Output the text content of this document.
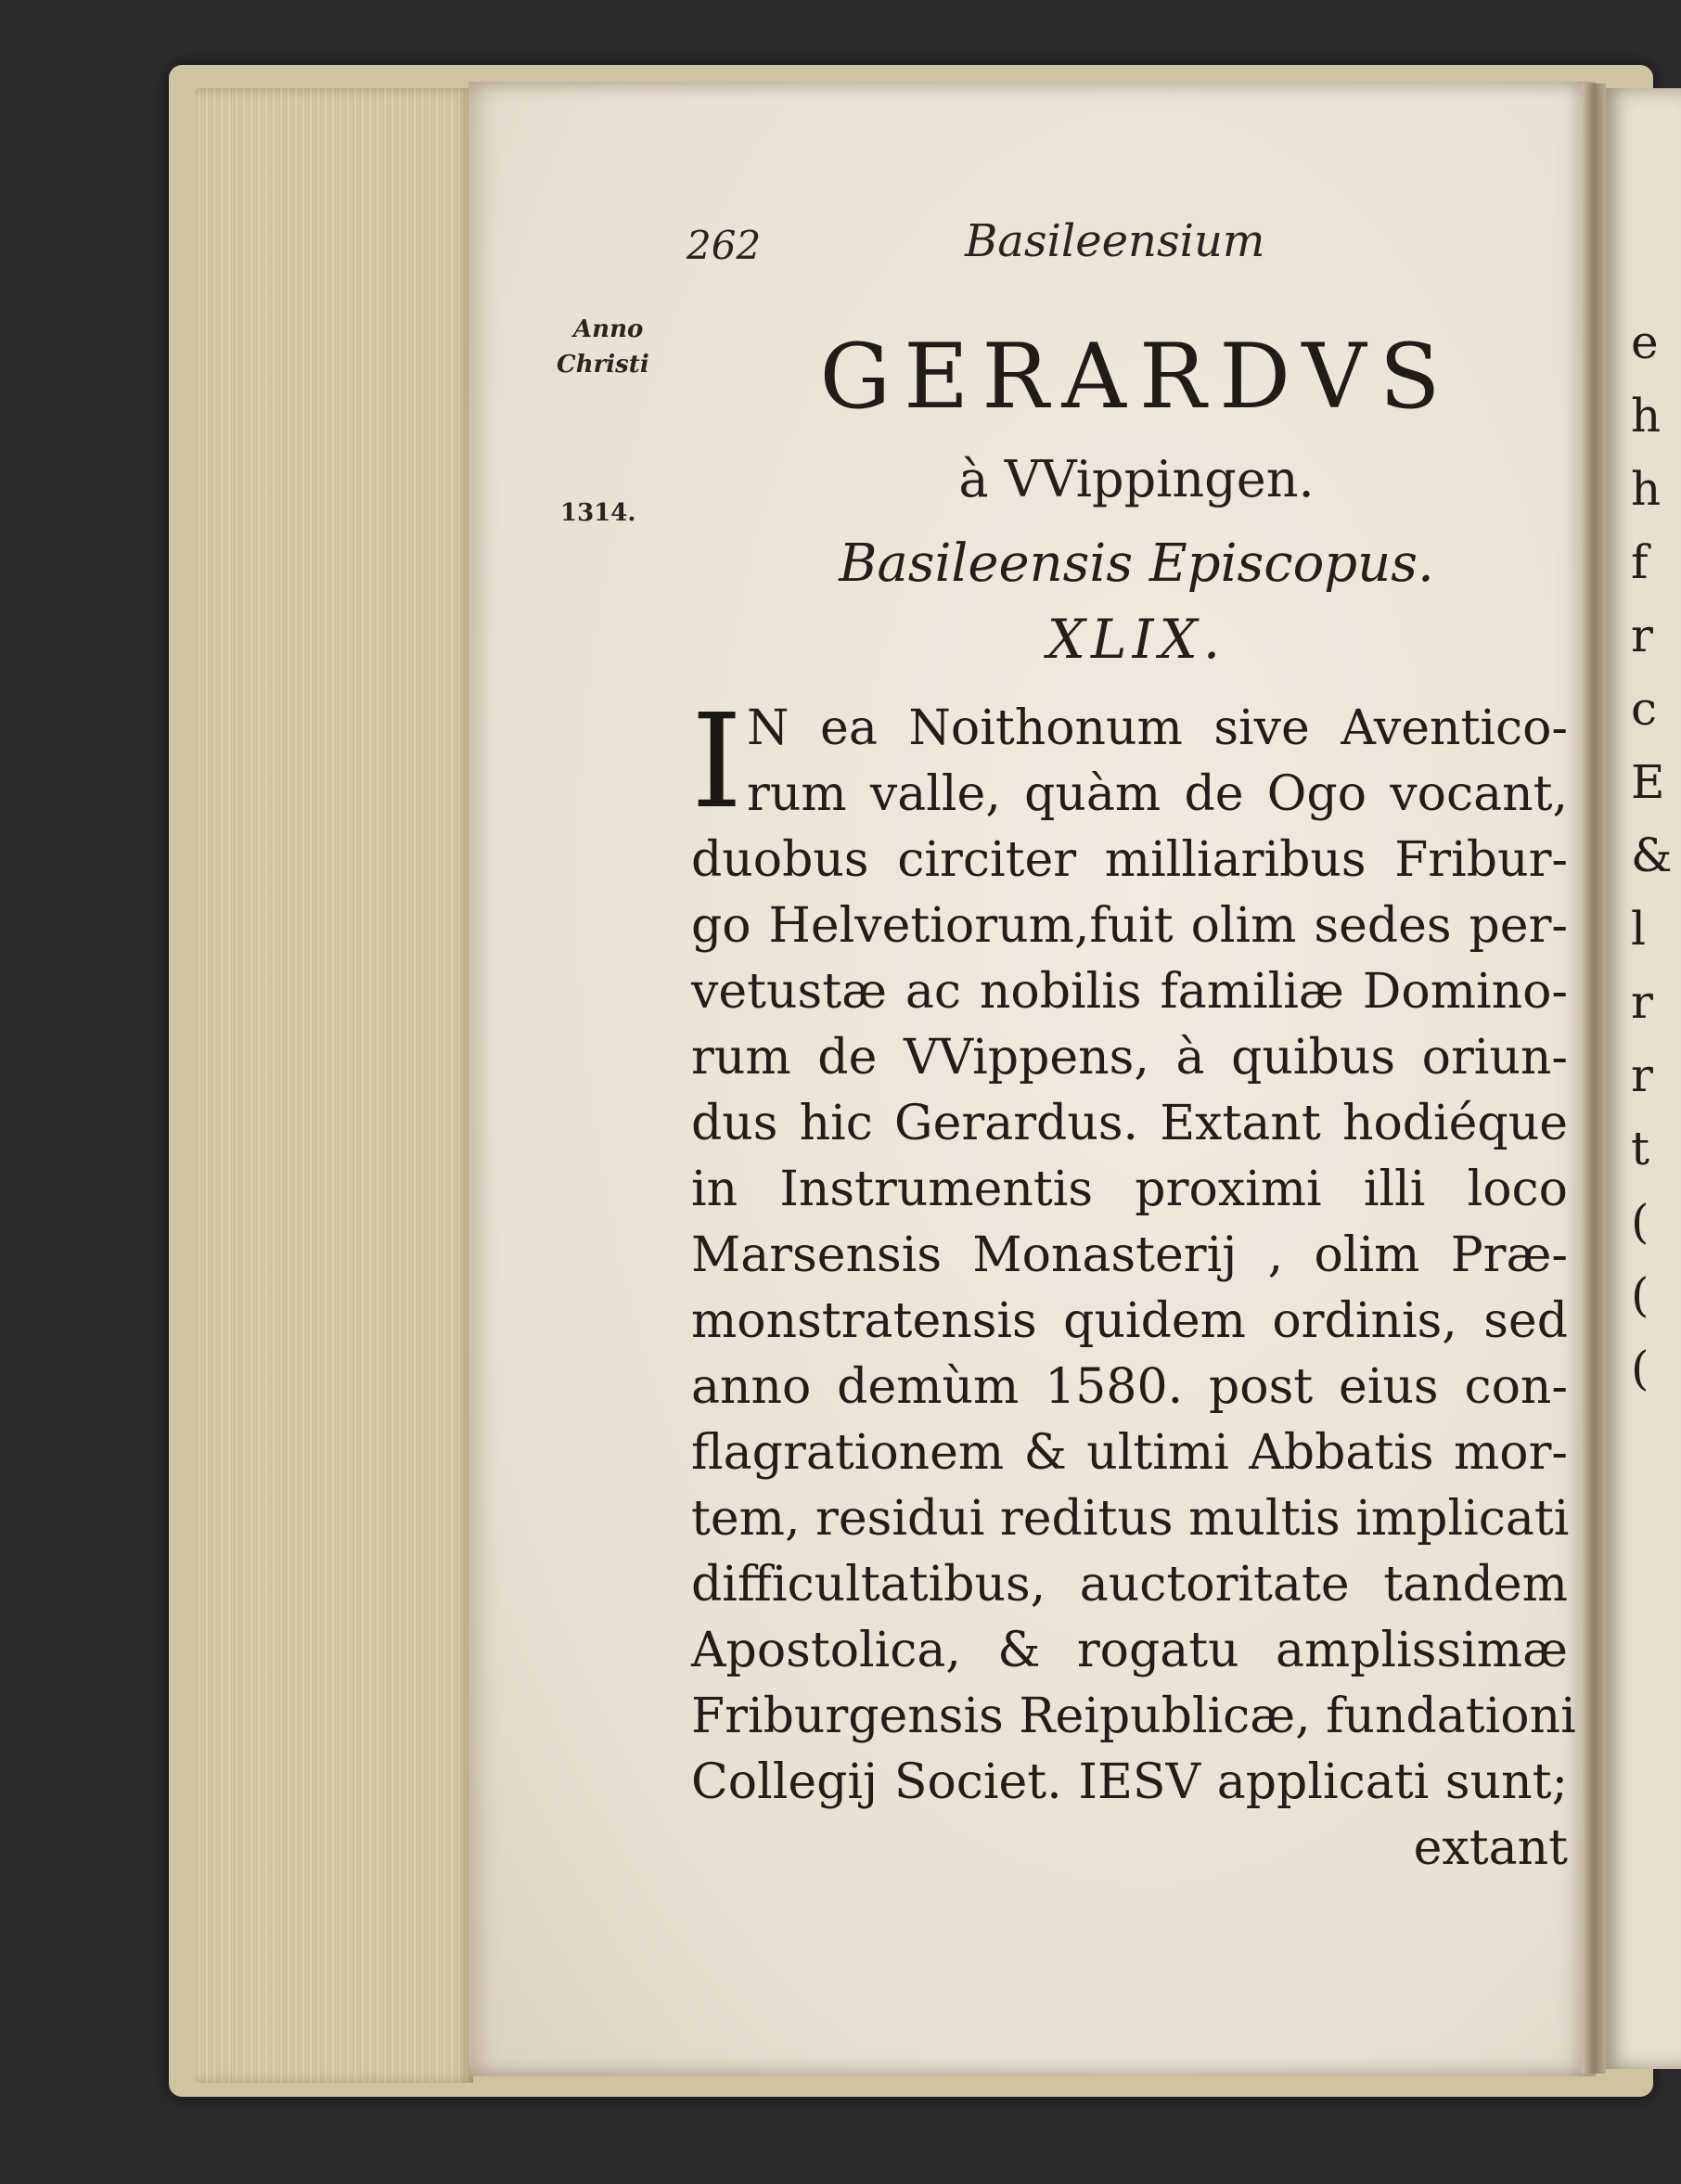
262	Basileensium
Anno
Christi
1314.
GERARDVS
à VVippingen.
Basileensis Episcopus.
XLIX.
I N ea Noithonum sive Aventico-
rum valle, quàm de Ogo vocant,
duobus circiter milliaribus Fribur-
go Helvetiorum,fuit olim sedes per-
vetustæ ac nobilis familiæ Domino-
rum de VVippens, à quibus oriun-
dus hic Gerardus. Extant hodiéque
in Instrumentis proximi illi loco
Marsensis Monasterij , olim Præ-
monstratensis quidem ordinis, sed
anno demùm 1580. post eius con-
flagrationem & ultimi Abbatis mor-
tem, residui reditus multis implicati
difficultatibus, auctoritate tandem
Apostolica, & rogatu amplissimæ
Friburgensis Reipublicæ, fundationi
Collegij Societ. IESV applicati sunt;
extant
e
h
h
f
r
c
E
&
l
r
r
t
(
(
(
